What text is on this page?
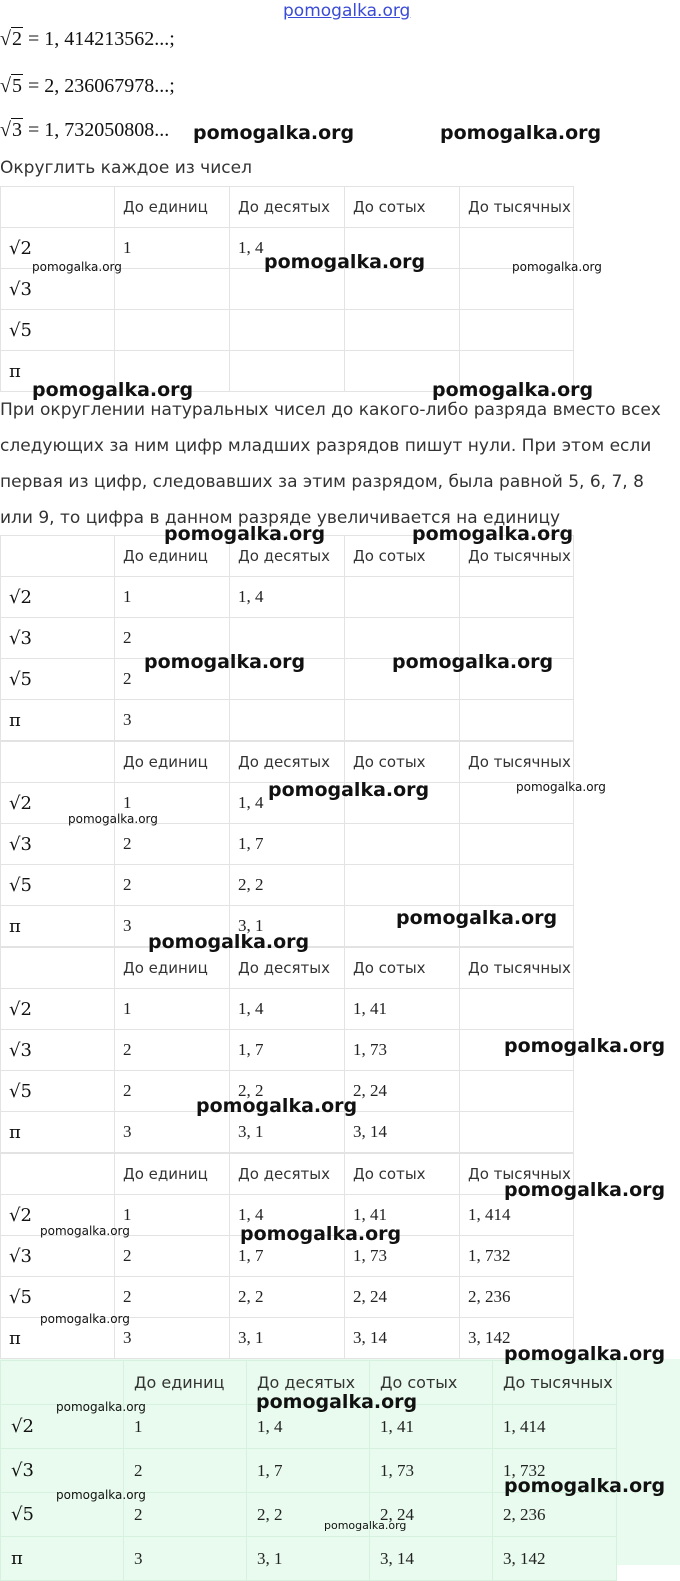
√2 = 1, 414213562...;
√5 = 2, 236067978...;
√3 = 1, 732050808...
Округлить каждое из чисел
	До единиц	До десятых	До сотых	До тысячных
√2	1	1, 4		
√3				
√5				
π				
При округлении натуральных чисел до какого-либо разряда вместо всех следующих за ним цифр младших разрядов пишут нули. При этом если первая из цифр, следовавших за этим разрядом, была равной 5, 6, 7, 8 или 9, то цифра в данном разряде увеличивается на единицу
	До единиц	До десятых	До сотых	До тысячных
√2	1	1, 4		
√3	2			
√5	2			
π	3			
	До единиц	До десятых	До сотых	До тысячных
√2	1	1, 4		
√3	2	1, 7		
√5	2	2, 2		
π	3	3, 1		
	До единиц	До десятых	До сотых	До тысячных
√2	1	1, 4	1, 41	
√3	2	1, 7	1, 73	
√5	2	2, 2	2, 24	
π	3	3, 1	3, 14	
	До единиц	До десятых	До сотых	До тысячных
√2	1	1, 4	1, 41	1, 414
√3	2	1, 7	1, 73	1, 732
√5	2	2, 2	2, 24	2, 236
π	3	3, 1	3, 14	3, 142
	До единиц	До десятых	До сотых	До тысячных
√2	1	1, 4	1, 41	1, 414
√3	2	1, 7	1, 73	1, 732
√5	2	2, 2	2, 24	2, 236
π	3	3, 1	3, 14	3, 142
pomogalka.org
pomogalka.org	pomogalka.org
pomogalka.org	pomogalka.org	pomogalka.org
pomogalka.org	pomogalka.org
pomogalka.org	pomogalka.org
pomogalka.org	pomogalka.org
pomogalka.org	pomogalka.org
pomogalka.org
pomogalka.org
pomogalka.org
pomogalka.org
pomogalka.org
pomogalka.org
pomogalka.org	pomogalka.org
pomogalka.org
pomogalka.org
pomogalka.org	pomogalka.org
pomogalka.org	pomogalka.org
pomogalka.org
